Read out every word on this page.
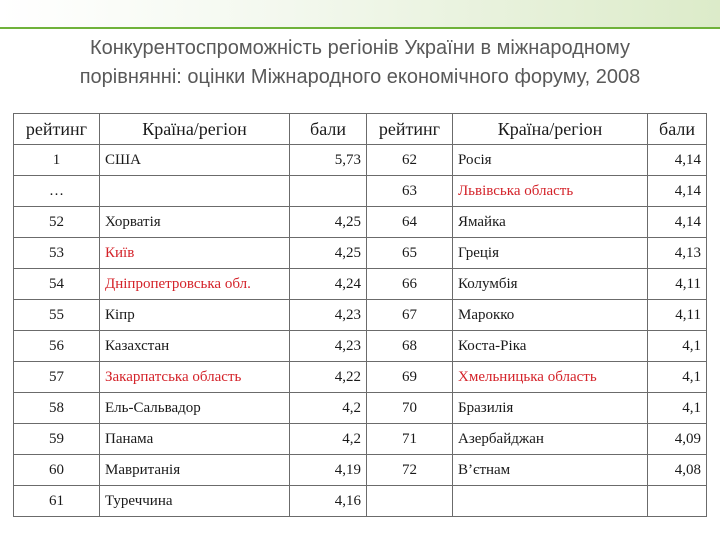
Конкурентоспроможність регіонів України в міжнародному
порівнянні: оцінки Міжнародного економічного форуму, 2008
рейтинг	Країна/регіон	бали	рейтинг	Країна/регіон	бали
1	США	5,73	62	Росія	4,14
…			63	Львівська область	4,14
52	Хорватія	4,25	64	Ямайка	4,14
53	Київ	4,25	65	Греція	4,13
54	Дніпропетровська обл.	4,24	66	Колумбія	4,11
55	Кіпр	4,23	67	Марокко	4,11
56	Казахстан	4,23	68	Коста-Ріка	4,1
57	Закарпатська область	4,22	69	Хмельницька область	4,1
58	Ель-Сальвадор	4,2	70	Бразилія	4,1
59	Панама	4,2	71	Азербайджан	4,09
60	Мавританія	4,19	72	В’єтнам	4,08
61	Туреччина	4,16			
